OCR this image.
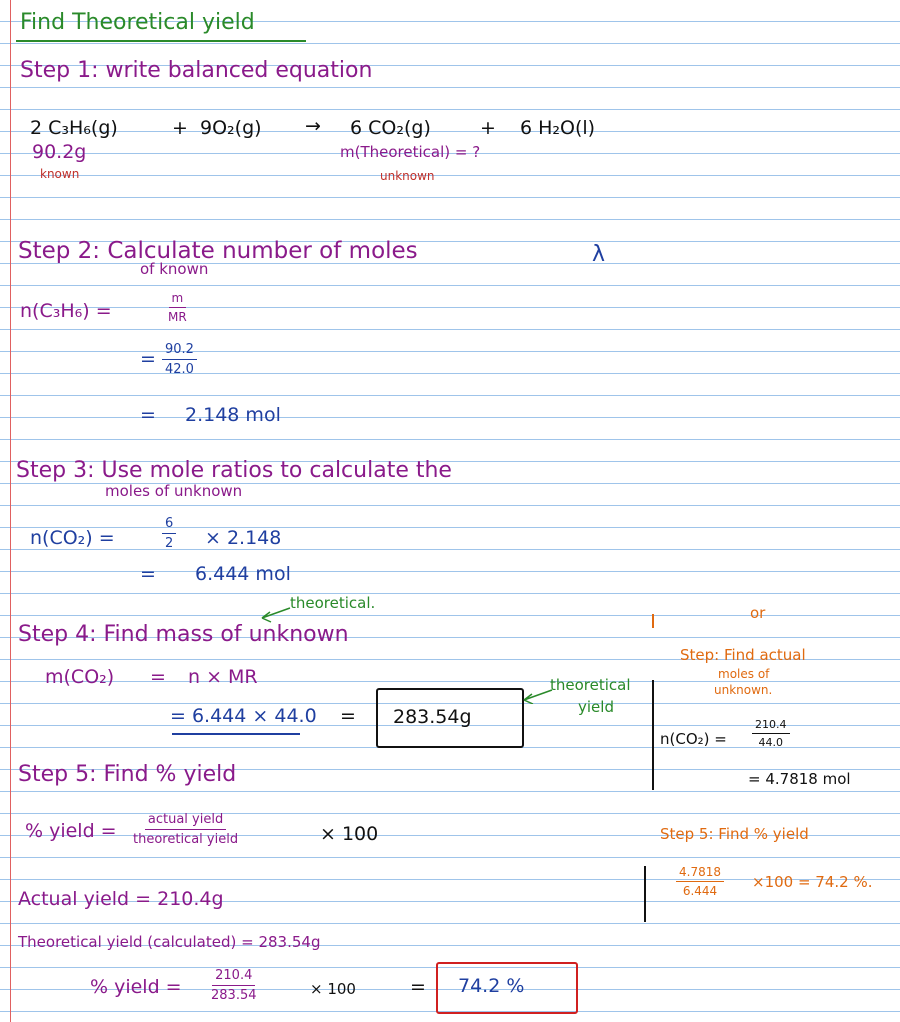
Find Theoretical yield
Step 1: write balanced equation
2 C₃H₆(g)	+ 9O₂(g) → 6 CO₂(g)	+ 6 H₂O(l)
90.2g
known
m(Theoretical) = ?
unknown
Step 2: Calculate number of moles
of known
λ
n(C₃H₆) =	$\frac{m}{MR}$
= $\frac{90.2}{42.0}$
= 2.148 mol
Step 3: Use mole ratios to calculate the
moles of unknown
n(CO₂) =	$\frac{6}{2} \times 2.148$
= 6.444 mol
theoretical.
Step 4: Find mass of unknown
m(CO₂) = n × MR
= 6.444 × 44.0 = 283.54g
theoretical
yield
Step 5: Find % yield
% yield =
actual yield
theoretical yield	× 100
Actual yield = 210.4g
Theoretical yield (calculated) = 283.54g
% yield = $\frac{210.4}{283.54}$	× 100	= 74.2 %
or
Step: Find actual
moles of
unknown.
$n(CO_2) = \frac{210.4}{44.0}$
= 4.7818 mol
Step 5: Find % yield
$\frac{4.7818}{6.444} \times 100 = 74.2$ %.
